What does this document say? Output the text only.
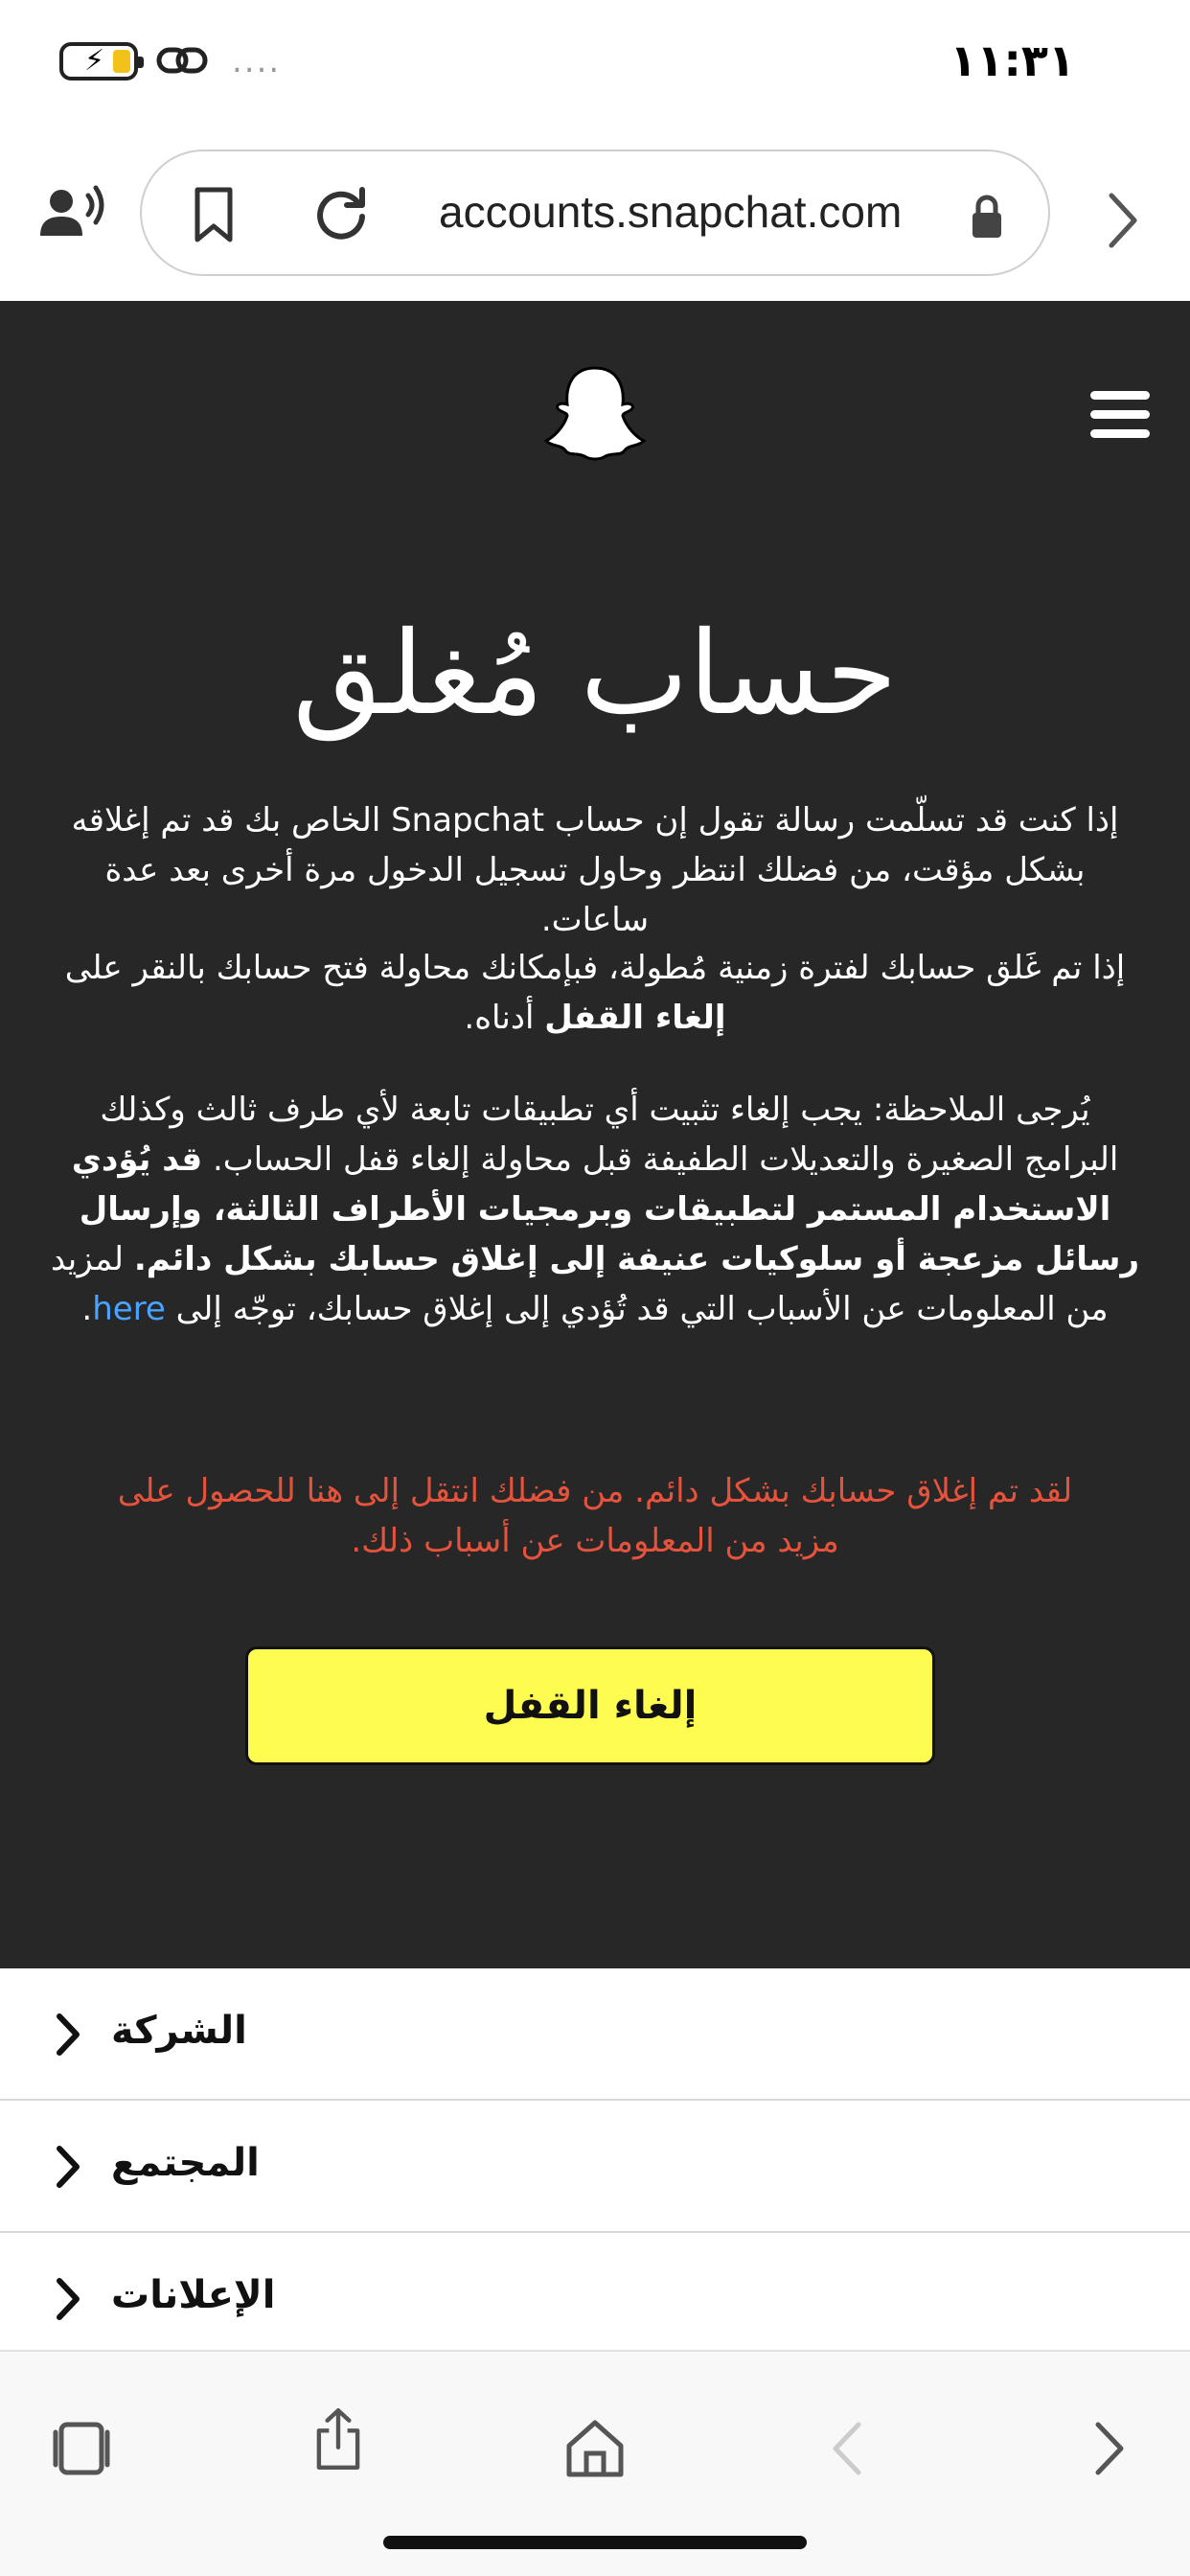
⚡	....	١١:٣١
accounts.snapchat.com
حساب مُغلق

إذا كنت قد تسلّمت رسالة تقول إن حساب Snapchat الخاص بك قد تم إغلاقه بشكل مؤقت، من فضلك انتظر وحاول تسجيل الدخول مرة أخرى بعد عدة ساعات.

إذا تم غَلق حسابك لفترة زمنية مُطولة، فبإمكانك محاولة فتح حسابك بالنقر على إلغاء القفل أدناه.

يُرجى الملاحظة: يجب إلغاء تثبيت أي تطبيقات تابعة لأي طرف ثالث وكذلك البرامج الصغيرة والتعديلات الطفيفة قبل محاولة إلغاء قفل الحساب. قد يُؤدي الاستخدام المستمر لتطبيقات وبرمجيات الأطراف الثالثة، وإرسال رسائل مزعجة أو سلوكيات عنيفة إلى إغلاق حسابك بشكل دائم. لمزيد من المعلومات عن الأسباب التي قد تُؤدي إلى إغلاق حسابك، توجّه إلى here.

لقد تم إغلاق حسابك بشكل دائم. من فضلك انتقل إلى هنا للحصول على مزيد من المعلومات عن أسباب ذلك.

إلغاء القفل
الشركة
المجتمع
الإعلانات
